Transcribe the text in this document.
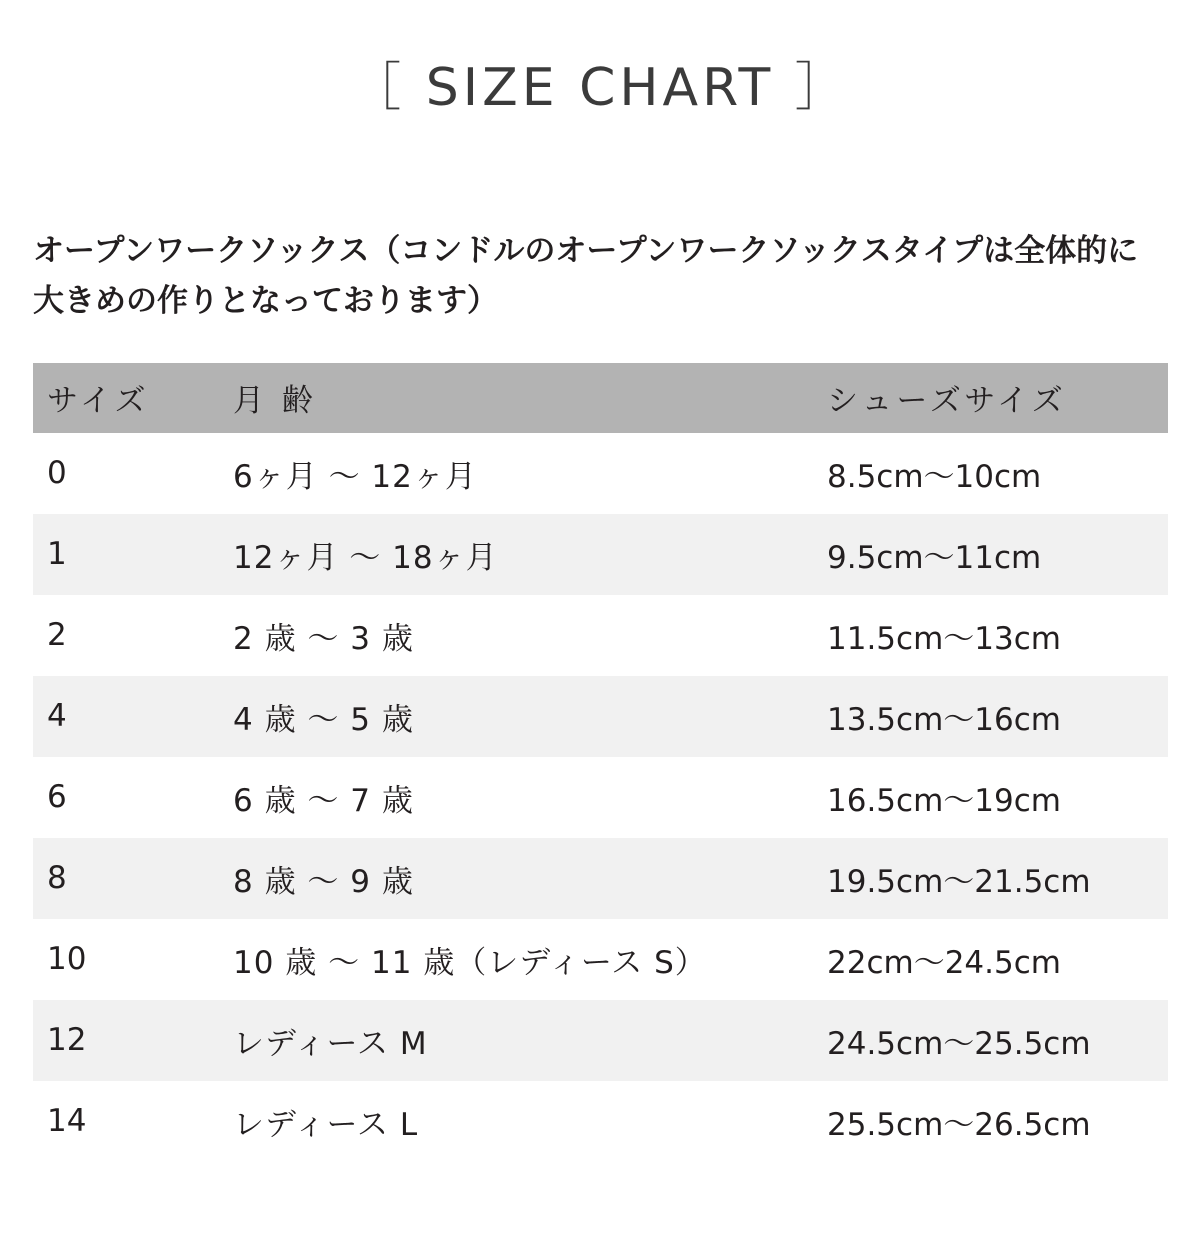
［ SIZE CHART ］
オープンワークソックス（コンドルのオープンワークソックスタイプは全体的に大きめの作りとなっております）
サイズ	月 齢	シューズサイズ
0	6ヶ月 〜 12ヶ月	8.5cm〜10cm
1	12ヶ月 〜 18ヶ月	9.5cm〜11cm
2	2 歳 〜 3 歳	11.5cm〜13cm
4	4 歳 〜 5 歳	13.5cm〜16cm
6	6 歳 〜 7 歳	16.5cm〜19cm
8	8 歳 〜 9 歳	19.5cm〜21.5cm
10	10 歳 〜 11 歳（レディース S）	22cm〜24.5cm
12	レディース M	24.5cm〜25.5cm
14	レディース L	25.5cm〜26.5cm
